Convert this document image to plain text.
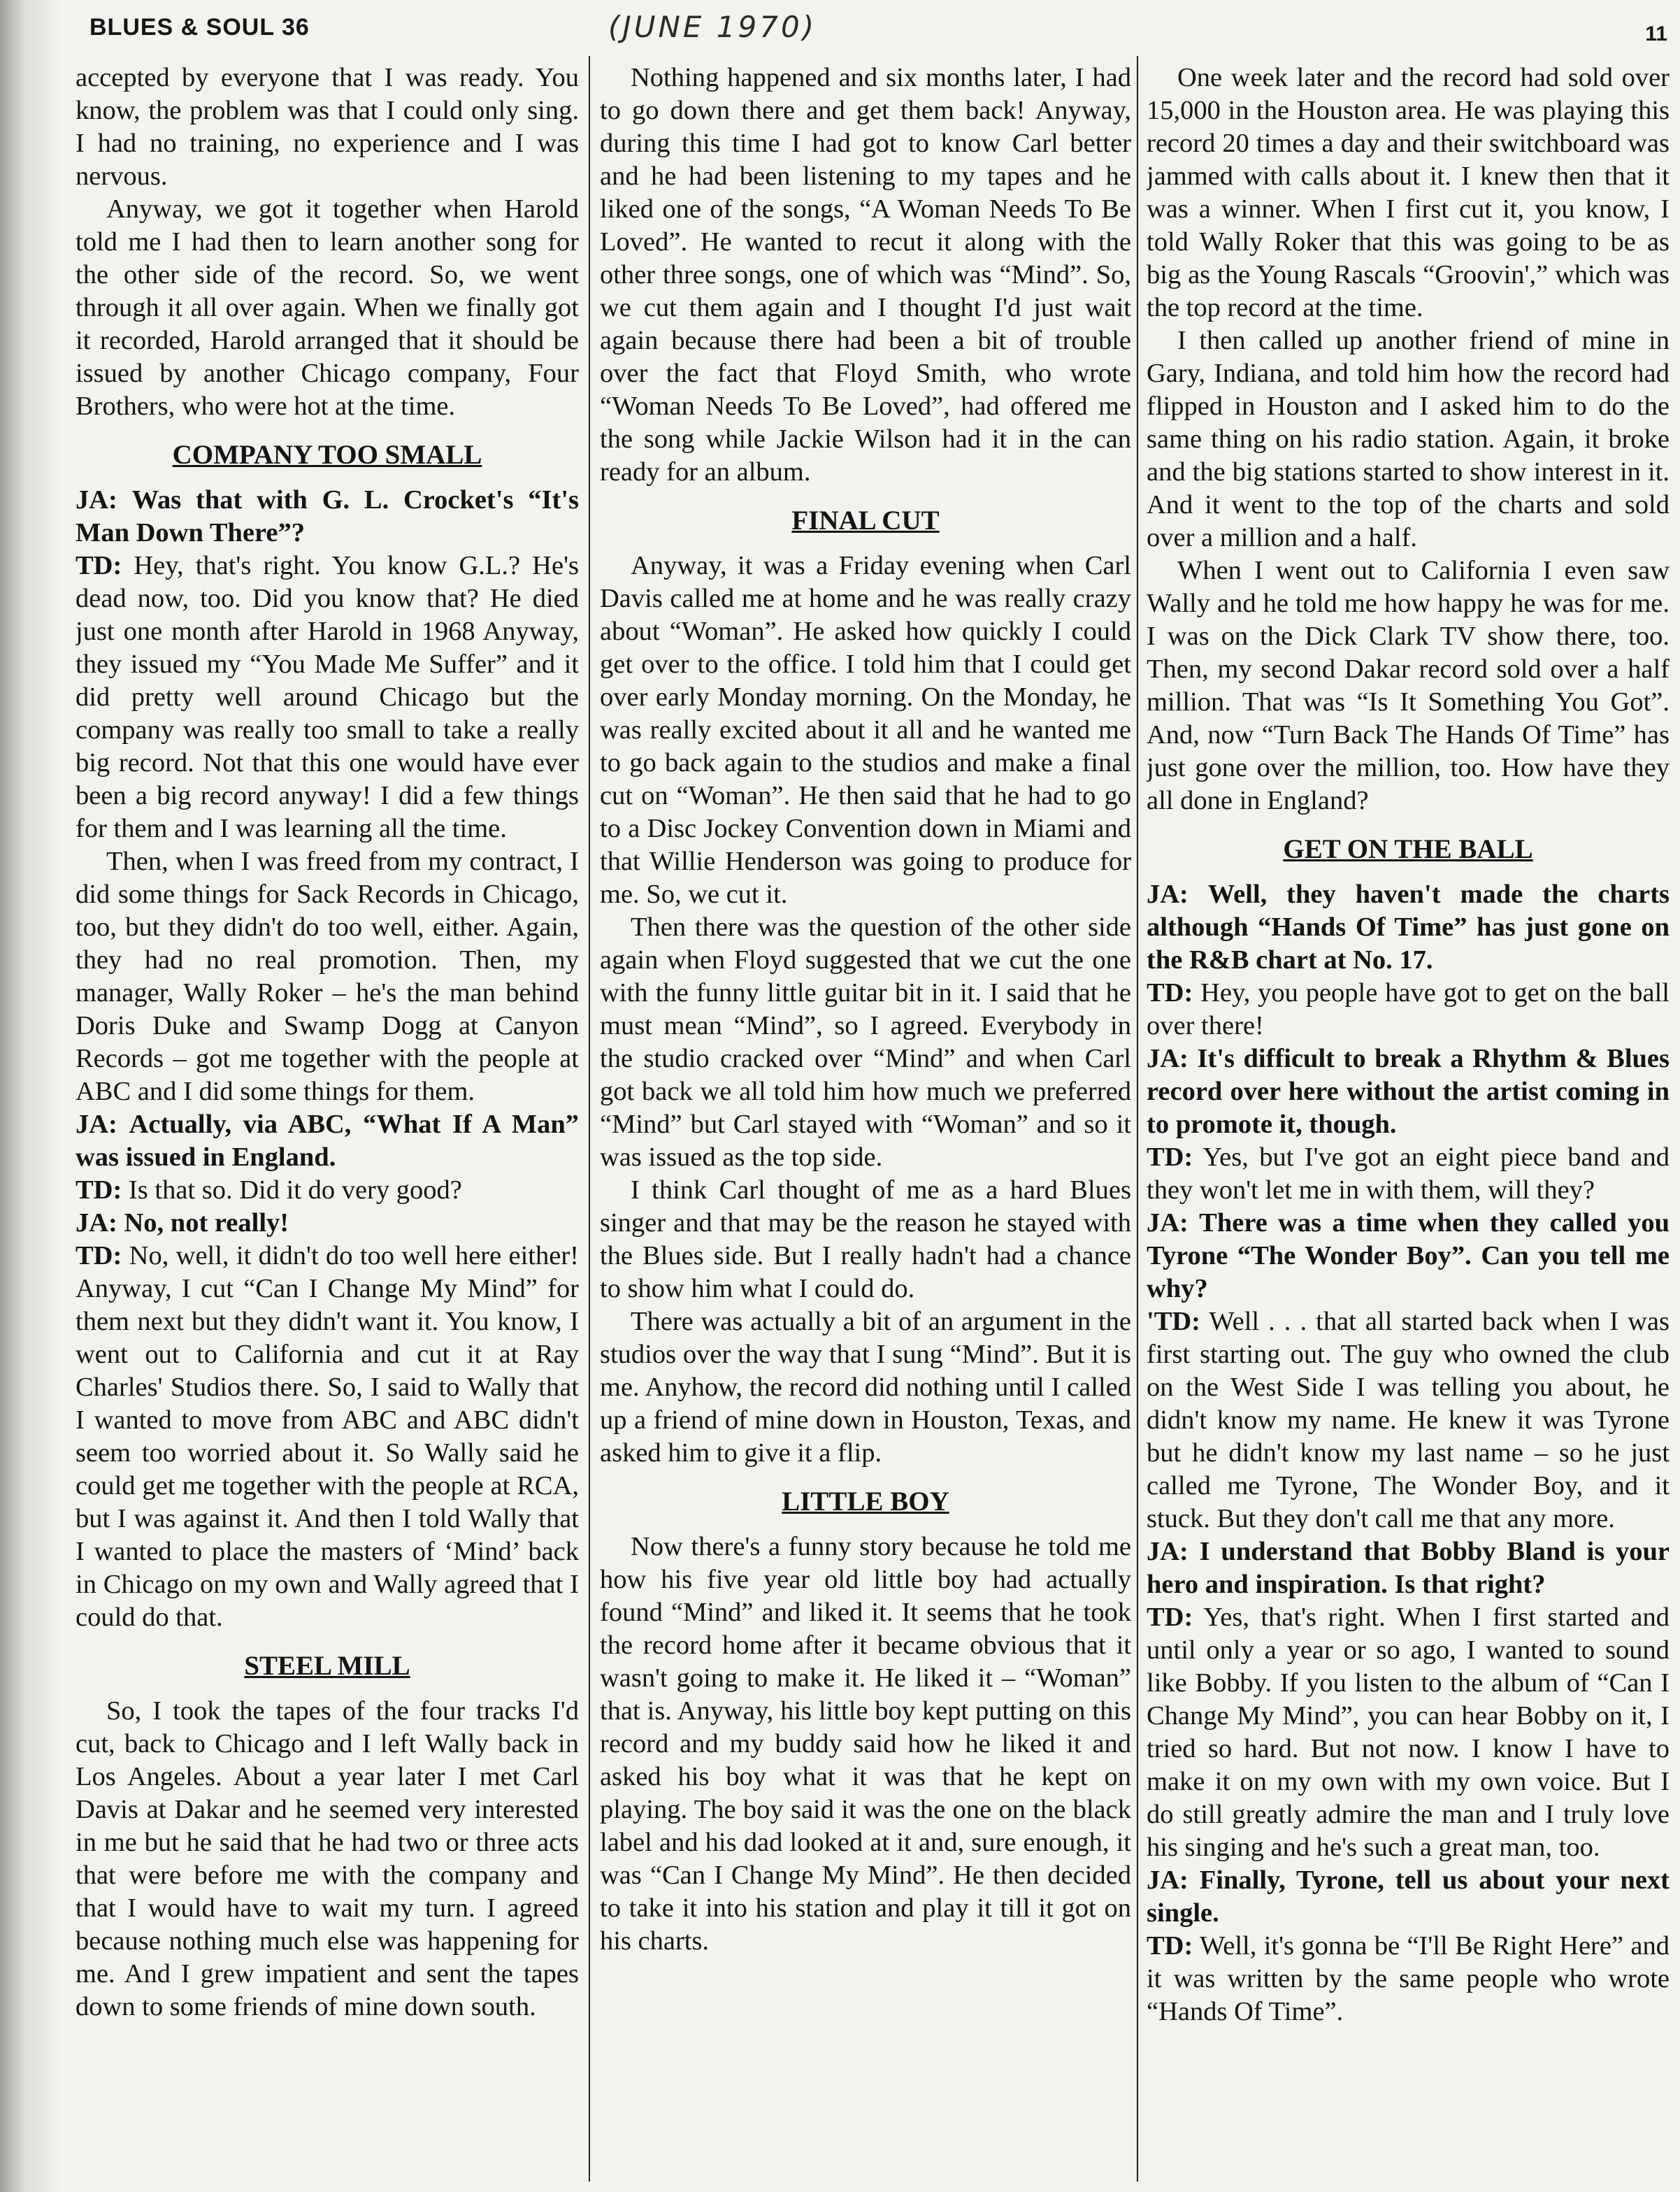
BLUES & SOUL 36	(JUNE 1970)	11

accepted by everyone that I was ready. You know, the problem was that I could only sing. I had no training, no experience and I was nervous.

Anyway, we got it together when Harold told me I had then to learn another song for the other side of the record. So, we went through it all over again. When we finally got it recorded, Harold arranged that it should be issued by another Chicago company, Four Brothers, who were hot at the time.

COMPANY TOO SMALL

JA: Was that with G. L. Crocket's “It's Man Down There”?

TD: Hey, that's right. You know G.L.? He's dead now, too. Did you know that? He died just one month after Harold in 1968 Anyway, they issued my “You Made Me Suffer” and it did pretty well around Chicago but the company was really too small to take a really big record. Not that this one would have ever been a big record anyway! I did a few things for them and I was learning all the time.

Then, when I was freed from my contract, I did some things for Sack Records in Chicago, too, but they didn't do too well, either. Again, they had no real promotion. Then, my manager, Wally Roker – he's the man behind Doris Duke and Swamp Dogg at Canyon Records – got me together with the people at ABC and I did some things for them.

JA: Actually, via ABC, “What If A Man” was issued in England.

TD: Is that so. Did it do very good?

JA: No, not really!

TD: No, well, it didn't do too well here either! Anyway, I cut “Can I Change My Mind” for them next but they didn't want it. You know, I went out to California and cut it at Ray Charles' Studios there. So, I said to Wally that I wanted to move from ABC and ABC didn't seem too worried about it. So Wally said he could get me together with the people at RCA, but I was against it. And then I told Wally that I wanted to place the masters of ‘Mind’ back in Chicago on my own and Wally agreed that I could do that.

STEEL MILL

So, I took the tapes of the four tracks I'd cut, back to Chicago and I left Wally back in Los Angeles. About a year later I met Carl Davis at Dakar and he seemed very interested in me but he said that he had two or three acts that were before me with the company and that I would have to wait my turn. I agreed because nothing much else was happening for me. And I grew impatient and sent the tapes down to some friends of mine down south.

Nothing happened and six months later, I had to go down there and get them back! Anyway, during this time I had got to know Carl better and he had been listening to my tapes and he liked one of the songs, “A Woman Needs To Be Loved”. He wanted to recut it along with the other three songs, one of which was “Mind”. So, we cut them again and I thought I'd just wait again because there had been a bit of trouble over the fact that Floyd Smith, who wrote “Woman Needs To Be Loved”, had offered me the song while Jackie Wilson had it in the can ready for an album.

FINAL CUT

Anyway, it was a Friday evening when Carl Davis called me at home and he was really crazy about “Woman”. He asked how quickly I could get over to the office. I told him that I could get over early Monday morning. On the Monday, he was really excited about it all and he wanted me to go back again to the studios and make a final cut on “Woman”. He then said that he had to go to a Disc Jockey Convention down in Miami and that Willie Henderson was going to produce for me. So, we cut it.

Then there was the question of the other side again when Floyd suggested that we cut the one with the funny little guitar bit in it. I said that he must mean “Mind”, so I agreed. Everybody in the studio cracked over “Mind” and when Carl got back we all told him how much we preferred “Mind” but Carl stayed with “Woman” and so it was issued as the top side.

I think Carl thought of me as a hard Blues singer and that may be the reason he stayed with the Blues side. But I really hadn't had a chance to show him what I could do.

There was actually a bit of an argument in the studios over the way that I sung “Mind”. But it is me. Anyhow, the record did nothing until I called up a friend of mine down in Houston, Texas, and asked him to give it a flip.

LITTLE BOY

Now there's a funny story because he told me how his five year old little boy had actually found “Mind” and liked it. It seems that he took the record home after it became obvious that it wasn't going to make it. He liked it – “Woman” that is. Anyway, his little boy kept putting on this record and my buddy said how he liked it and asked his boy what it was that he kept on playing. The boy said it was the one on the black label and his dad looked at it and, sure enough, it was “Can I Change My Mind”. He then decided to take it into his station and play it till it got on his charts.

One week later and the record had sold over 15,000 in the Houston area. He was playing this record 20 times a day and their switchboard was jammed with calls about it. I knew then that it was a winner. When I first cut it, you know, I told Wally Roker that this was going to be as big as the Young Rascals “Groovin',” which was the top record at the time.

I then called up another friend of mine in Gary, Indiana, and told him how the record had flipped in Houston and I asked him to do the same thing on his radio station. Again, it broke and the big stations started to show interest in it. And it went to the top of the charts and sold over a million and a half.

When I went out to California I even saw Wally and he told me how happy he was for me. I was on the Dick Clark TV show there, too. Then, my second Dakar record sold over a half million. That was “Is It Something You Got”. And, now “Turn Back The Hands Of Time” has just gone over the million, too. How have they all done in England?

GET ON THE BALL

JA: Well, they haven't made the charts although “Hands Of Time” has just gone on the R&B chart at No. 17.

TD: Hey, you people have got to get on the ball over there!

JA: It's difficult to break a Rhythm & Blues record over here without the artist coming in to promote it, though.

TD: Yes, but I've got an eight piece band and they won't let me in with them, will they?

JA: There was a time when they called you Tyrone “The Wonder Boy”. Can you tell me why?

'TD: Well . . . that all started back when I was first starting out. The guy who owned the club on the West Side I was telling you about, he didn't know my name. He knew it was Tyrone but he didn't know my last name – so he just called me Tyrone, The Wonder Boy, and it stuck. But they don't call me that any more.

JA: I understand that Bobby Bland is your hero and inspiration. Is that right?

TD: Yes, that's right. When I first started and until only a year or so ago, I wanted to sound like Bobby. If you listen to the album of “Can I Change My Mind”, you can hear Bobby on it, I tried so hard. But not now. I know I have to make it on my own with my own voice. But I do still greatly admire the man and I truly love his singing and he's such a great man, too.

JA: Finally, Tyrone, tell us about your next single.

TD: Well, it's gonna be “I'll Be Right Here” and it was written by the same people who wrote “Hands Of Time”.
